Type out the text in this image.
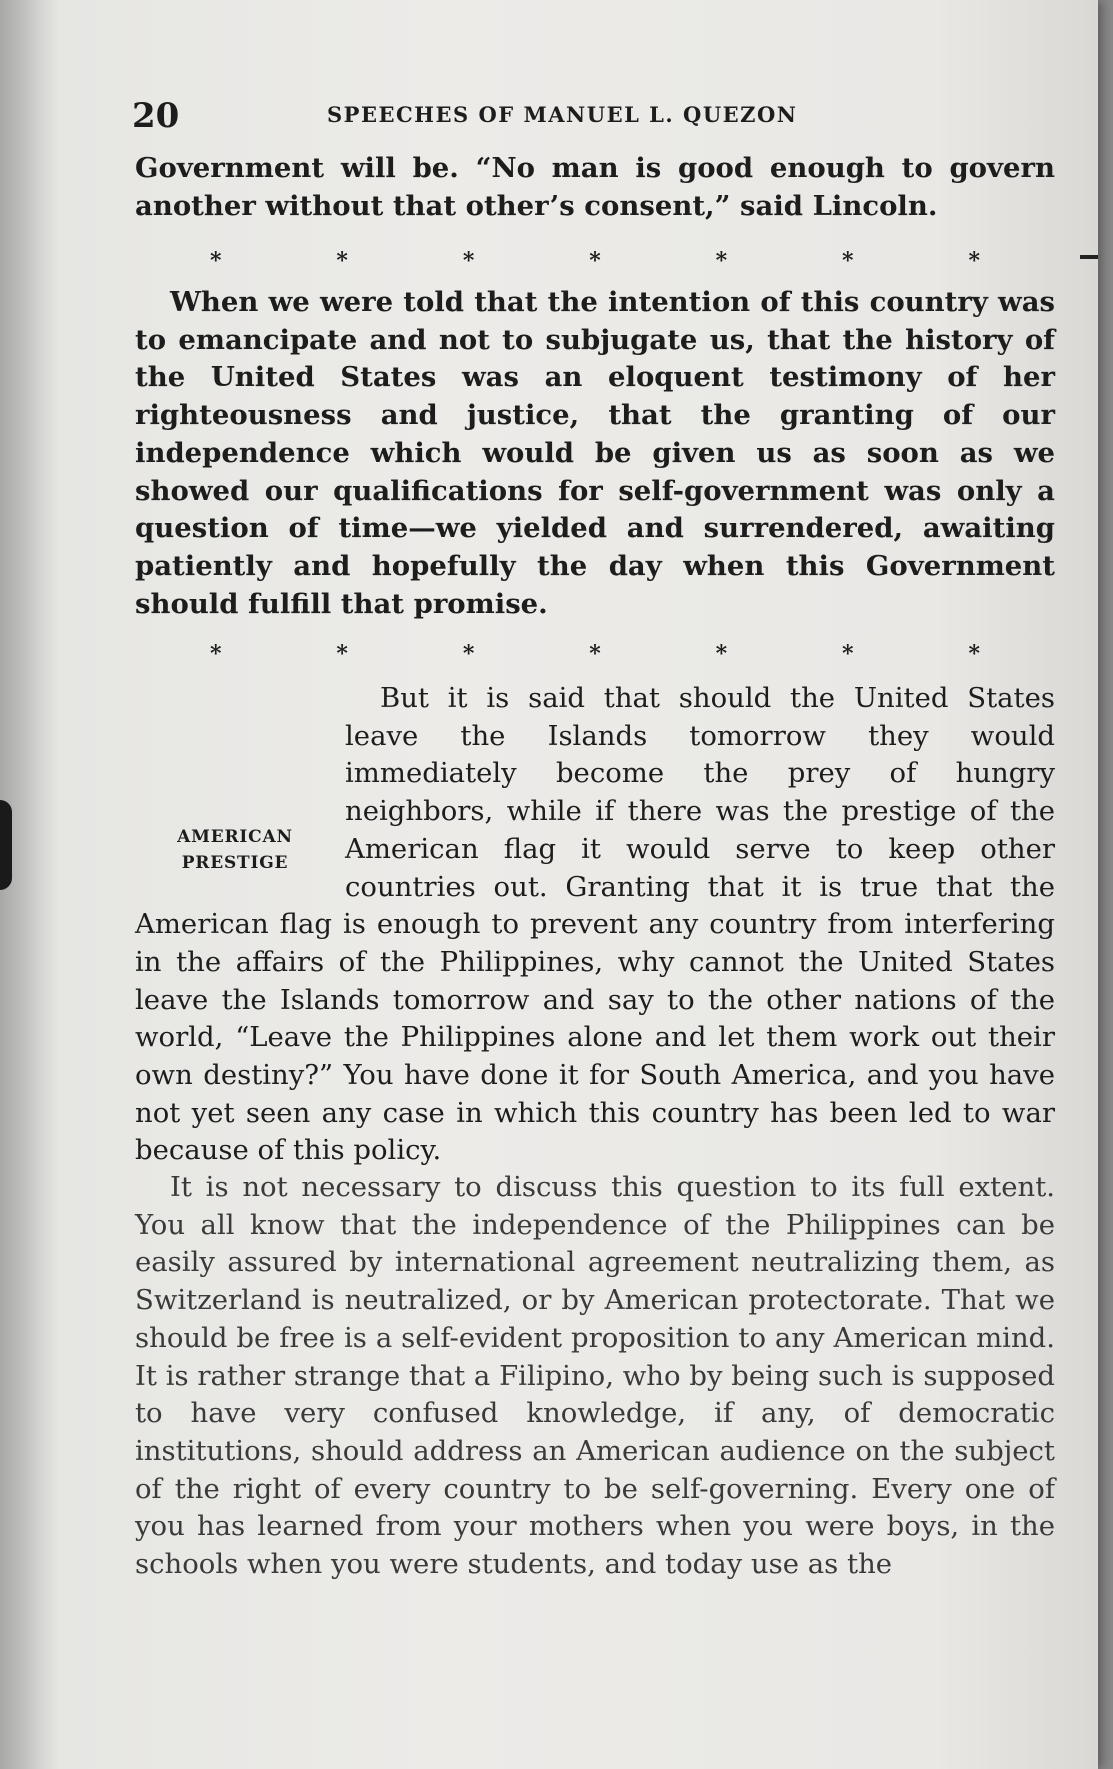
20	SPEECHES OF MANUEL L. QUEZON

Government will be. “No man is good enough to govern another without that other’s consent,” said Lincoln.

*	*	*	*	*	*	*

When we were told that the intention of this country was to emancipate and not to subjugate us, that the history of the United States was an eloquent testimony of her righteousness and justice, that the granting of our independence which would be given us as soon as we showed our qualifications for self-government was only a question of time—we yielded and surrendered, awaiting patiently and hopefully the day when this Government should fulfill that promise.

*	*	*	*	*	*	*
AMERICAN
PRESTIGE

But it is said that should the United States leave the Islands tomorrow they would immediately become the prey of hungry neighbors, while if there was the prestige of the American flag it would serve to keep other countries out. Granting that it is true that the American flag is enough to prevent any country from interfering in the affairs of the Philippines, why cannot the United States leave the Islands tomorrow and say to the other nations of the world, “Leave the Philippines alone and let them work out their own destiny?” You have done it for South America, and you have not yet seen any case in which this country has been led to war because of this policy.

It is not necessary to discuss this question to its full extent. You all know that the independence of the Philippines can be easily assured by international agreement neutralizing them, as Switzerland is neutralized, or by American protectorate. That we should be free is a self-evident proposition to any American mind. It is rather strange that a Filipino, who by being such is supposed to have very confused knowledge, if any, of democratic institutions, should address an American audience on the subject of the right of every country to be self-governing. Every one of you has learned from your mothers when you were boys, in the schools when you were students, and today use as the
